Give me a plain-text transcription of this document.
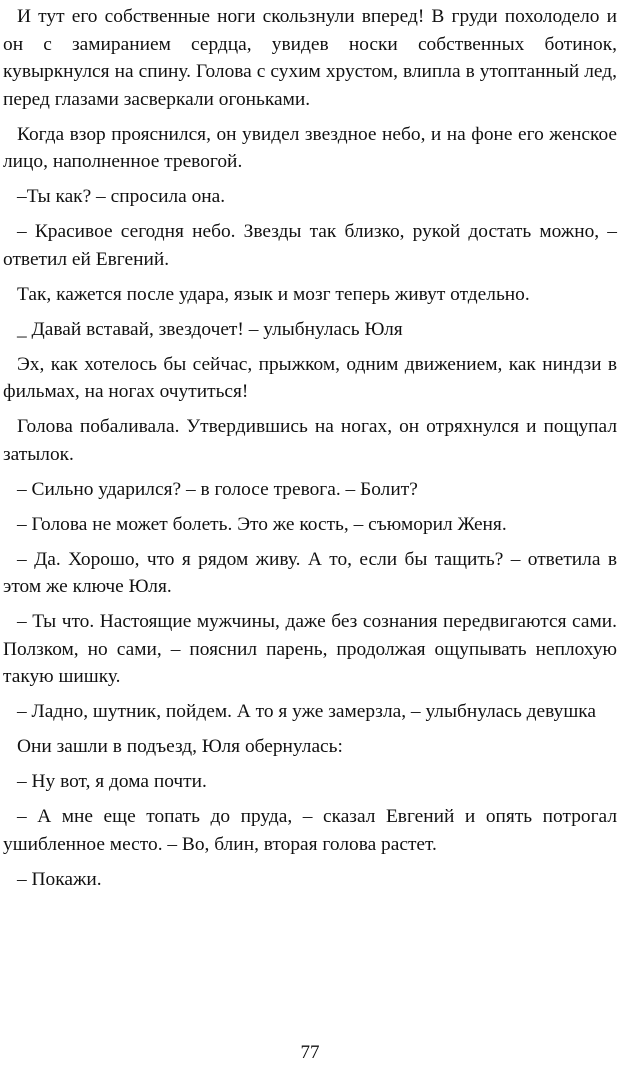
И тут его собственные ноги скользнули вперед! В груди похолодело и он с замиранием сердца, увидев носки собственных ботинок, кувыркнулся на спину. Голова с сухим хрустом, влипла в утоптанный лед, перед глазами засверкали огоньками.

Когда взор прояснился, он увидел звездное небо, и на фоне его женское лицо, наполненное тревогой.

–Ты как? – спросила она.

– Красивое сегодня небо. Звезды так близко, рукой достать можно, – ответил ей Евгений.

Так, кажется после удара, язык и мозг теперь живут отдельно.

_ Давай вставай, звездочет! – улыбнулась Юля

Эх, как хотелось бы сейчас, прыжком, одним движением, как ниндзи в фильмах, на ногах очутиться!

Голова побаливала. Утвердившись на ногах, он отряхнулся и пощупал затылок.

– Сильно ударился? – в голосе тревога. – Болит?

– Голова не может болеть. Это же кость, – съюморил Женя.

– Да. Хорошо, что я рядом живу. А то, если бы тащить? – ответила в этом же ключе Юля.

– Ты что. Настоящие мужчины, даже без сознания передвигаются сами. Ползком, но сами, – пояснил парень, продолжая ощупывать неплохую такую шишку.

– Ладно, шутник, пойдем. А то я уже замерзла, – улыбнулась девушка

Они зашли в подъезд, Юля обернулась:

– Ну вот, я дома почти.

– А мне еще топать до пруда, – сказал Евгений и опять потрогал ушибленное место. – Во, блин, вторая голова растет.

– Покажи.

77
